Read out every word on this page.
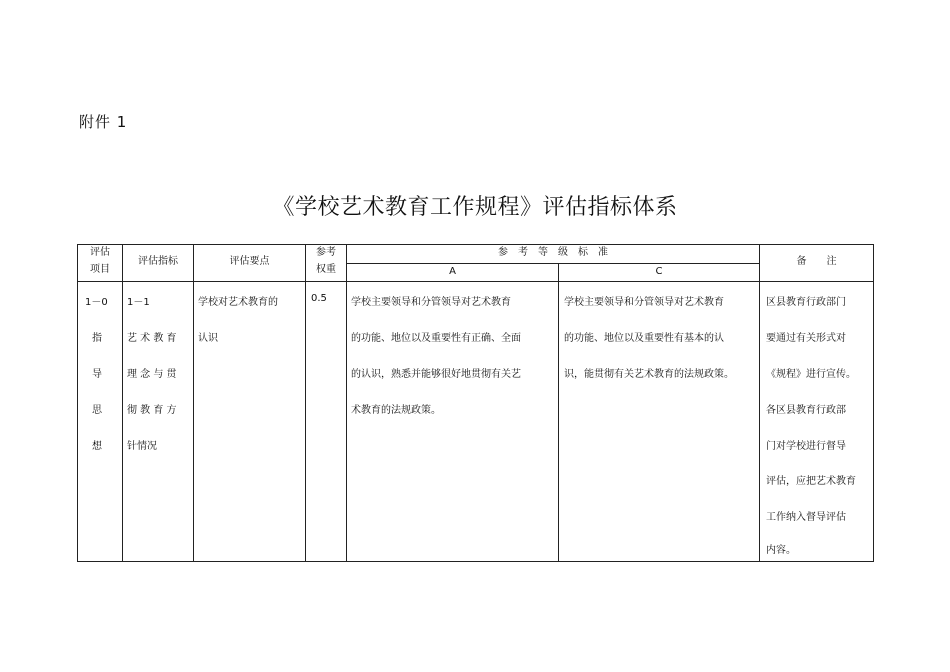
附件 1
《学校艺术教育工作规程》评估指标体系
评估
项目
评估指标	评估要点
参考
权重
参　考　等　级　标　准
A	C
备　　注
1－0
指
导
思
想
1－1
艺 术 教 育
理 念 与 贯
彻 教 育 方
针情况
学校对艺术教育的
认识
0.5 学校主要领导和分管领导对艺术教育
的功能、地位以及重要性有正确、全面
的认识，熟悉并能够很好地贯彻有关艺
术教育的法规政策。
学校主要领导和分管领导对艺术教育
的功能、地位以及重要性有基本的认
识，能贯彻有关艺术教育的法规政策。
区县教育行政部门
要通过有关形式对
《规程》进行宣传。
各区县教育行政部
门对学校进行督导
评估，应把艺术教育
工作纳入督导评估
内容。
